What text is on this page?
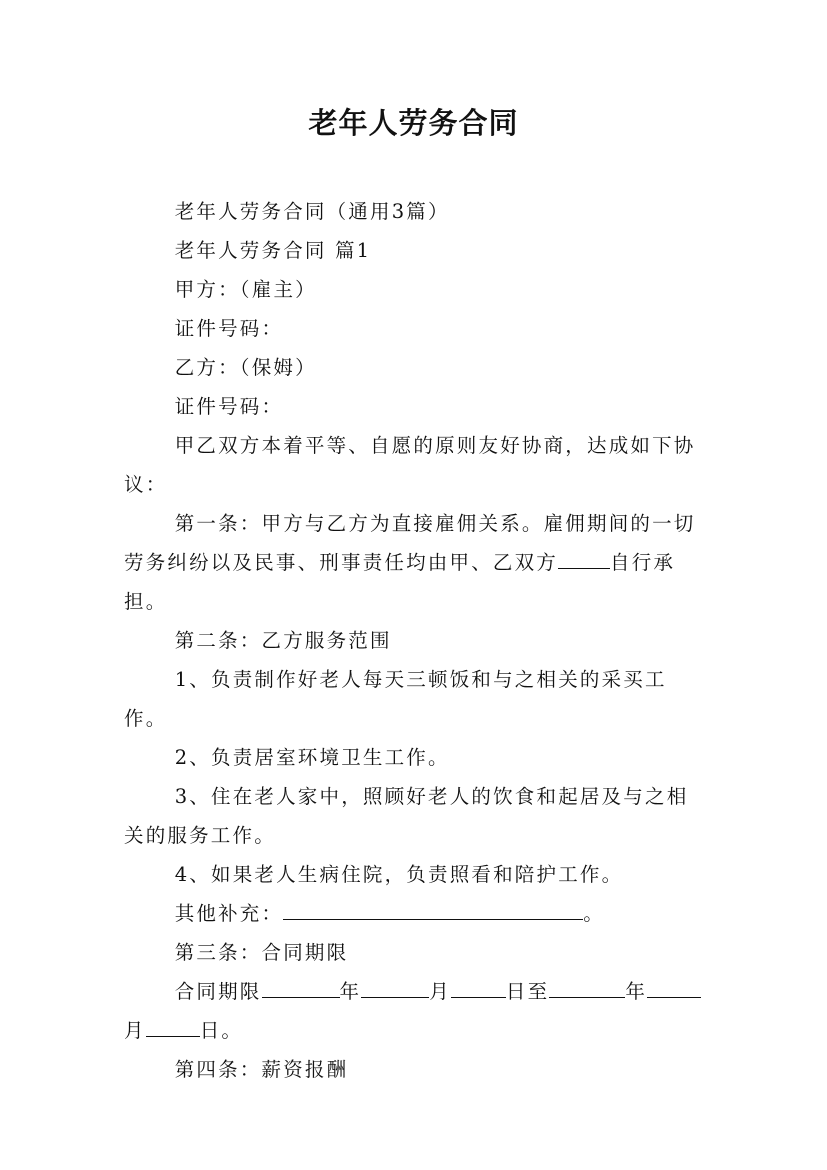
老年人劳务合同

老年人劳务合同（通用3篇）

老年人劳务合同 篇1

甲方：（雇主）

证件号码：

乙方：（保姆）

证件号码：

甲乙双方本着平等、自愿的原则友好协商，达成如下协议：

第一条：甲方与乙方为直接雇佣关系。雇佣期间的一切劳务纠纷以及民事、刑事责任均由甲、乙双方	自行承担。

第二条：乙方服务范围

1、负责制作好老人每天三顿饭和与之相关的采买工作。

2、负责居室环境卫生工作。

3、住在老人家中，照顾好老人的饮食和起居及与之相关的服务工作。

4、如果老人生病住院，负责照看和陪护工作。

其他补充：	。

第三条：合同期限

合同期限	年	月	日至	年月	日。

第四条：薪资报酬
